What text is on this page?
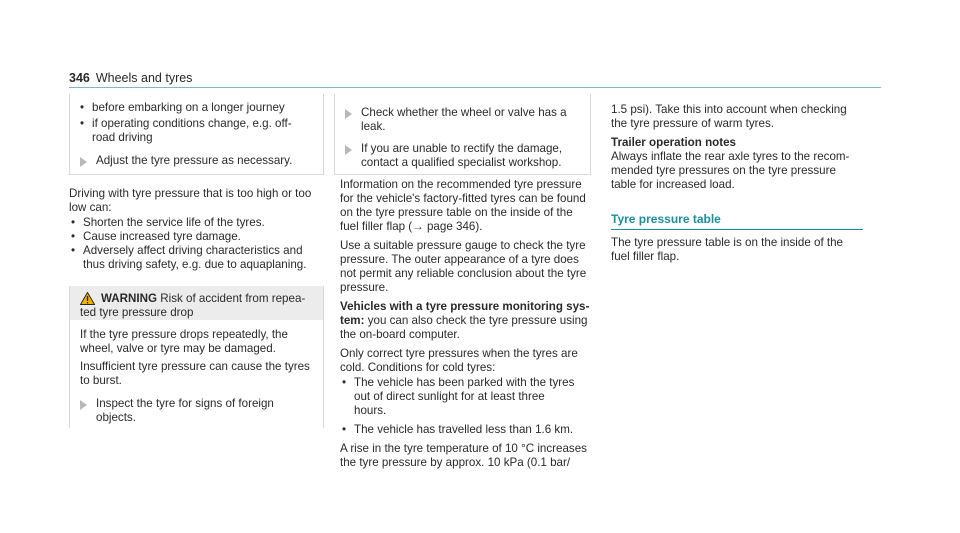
346 Wheels and tyres
• before embarking on a longer journey
• if operating conditions change, e.g. off-road driving
Adjust the tyre pressure as necessary.

Driving with tyre pressure that is too high or too

low can:

• Shorten the service life of the tyres.
• Cause increased tyre damage.
• Adversely affect driving characteristics and thus driving safety, e.g. due to aquaplaning.
WARNING Risk of accident from repea-
ted tyre pressure drop

If the tyre pressure drops repeatedly, the

wheel, valve or tyre may be damaged.

Insufficient tyre pressure can cause the tyres

to burst.

Inspect the tyre for signs of foreign

objects.

Check whether the wheel or valve has a

leak.

If you are unable to rectify the damage,

contact a qualified specialist workshop.

Information on the recommended tyre pressure

for the vehicle's factory-fitted tyres can be found

on the tyre pressure table on the inside of the

fuel filler flap (→ page 346).

Use a suitable pressure gauge to check the tyre

pressure. The outer appearance of a tyre does

not permit any reliable conclusion about the tyre

pressure.

Vehicles with a tyre pressure monitoring sys-

tem: you can also check the tyre pressure using

the on-board computer.

Only correct tyre pressures when the tyres are

cold. Conditions for cold tyres:

• The vehicle has been parked with the tyres out of direct sunlight for at least three hours.
• The vehicle has travelled less than 1.6 km.

A rise in the tyre temperature of 10 °C increases

the tyre pressure by approx. 10 kPa (0.1 bar/

1.5 psi). Take this into account when checking

the tyre pressure of warm tyres.

Trailer operation notes

Always inflate the rear axle tyres to the recom-

mended tyre pressures on the tyre pressure

table for increased load.

Tyre pressure table

The tyre pressure table is on the inside of the

fuel filler flap.
